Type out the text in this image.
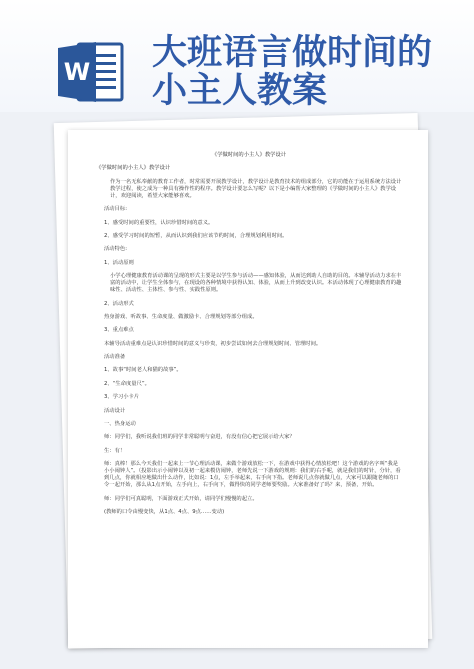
W 大班语言做时间的
小主人教案

《学做时间的小主人》教学设计

《学做时间的小主人》教学设计

作为一名无私奉献的教育工作者，时常需要开展教学设计，教学设计是教育技术的组成部分，它的功能在于运用系统方法设计教学过程，使之成为一种具有操作性的程序。教学设计要怎么写呢？以下是小编帮大家整理的《学做时间的小主人》教学设计，欢迎阅读，希望大家能够喜欢。

活动目标:

1、感受时间的重要性，认识珍惜时间的意义。

2、感受学习时间的短暂，从而认识到我们应该节约时间，合理规划利用时间。

活动特色:

1、活动原则

小学心理健康教育活动课的呈现的形式主要是以学生参与活动——感知体验，从而达到助人自助的目的。本辅导活动力求在丰富的活动中，让学生全体参与，在现设的各种情境中获得认知、体验，从而上升到改变认识。本活动体现了心理健康教育的趣味性、活动性、主体性、参与性、实践性原则。

2、活动形式

热身游戏、听故事、生命度量、做激励卡、合理规划等部分组成。

3、重点难点

本辅导活动重难点是认识珍惜时间的意义与珍贵，初步尝试如何去合理规划时间、管理时间。

活动准备

1、故事“时间老人和猫的故事”。

2、“生命度量尺”。

3、学习小卡片

活动设计

一、热身运动

师：同学们，我听说我们班的同学非常聪明与奋进，有没有信心把它展示给大家？

生：有！

师：真棒！那么今天我们一起来上一节心理活动课，来做个游戏放松一下，在游戏中获得心情放松吧！这个游戏的名字叫“我是小小闹钟人”。（投影出示小闹钟以及初一起来模仿闹钟，老师先说一下游戏的规则：我们的右手呢，就是我们的时针，分针，看到几点，你就相应地做出什么动作，比如说：1点，左手举起来，右手向下指。老师说几点你就做几点，大家可以跟随老师的口令一起开始，那么从1点开始，左手向上，右手向下，做得快的同学老师要奖励。大家准备好了吗？来，预备，开始。

师：同学们可真聪明，下面游戏正式开始，请同学们慢慢的起立。

(教师的口令由慢变快，从1点、4点、9点……变动)
